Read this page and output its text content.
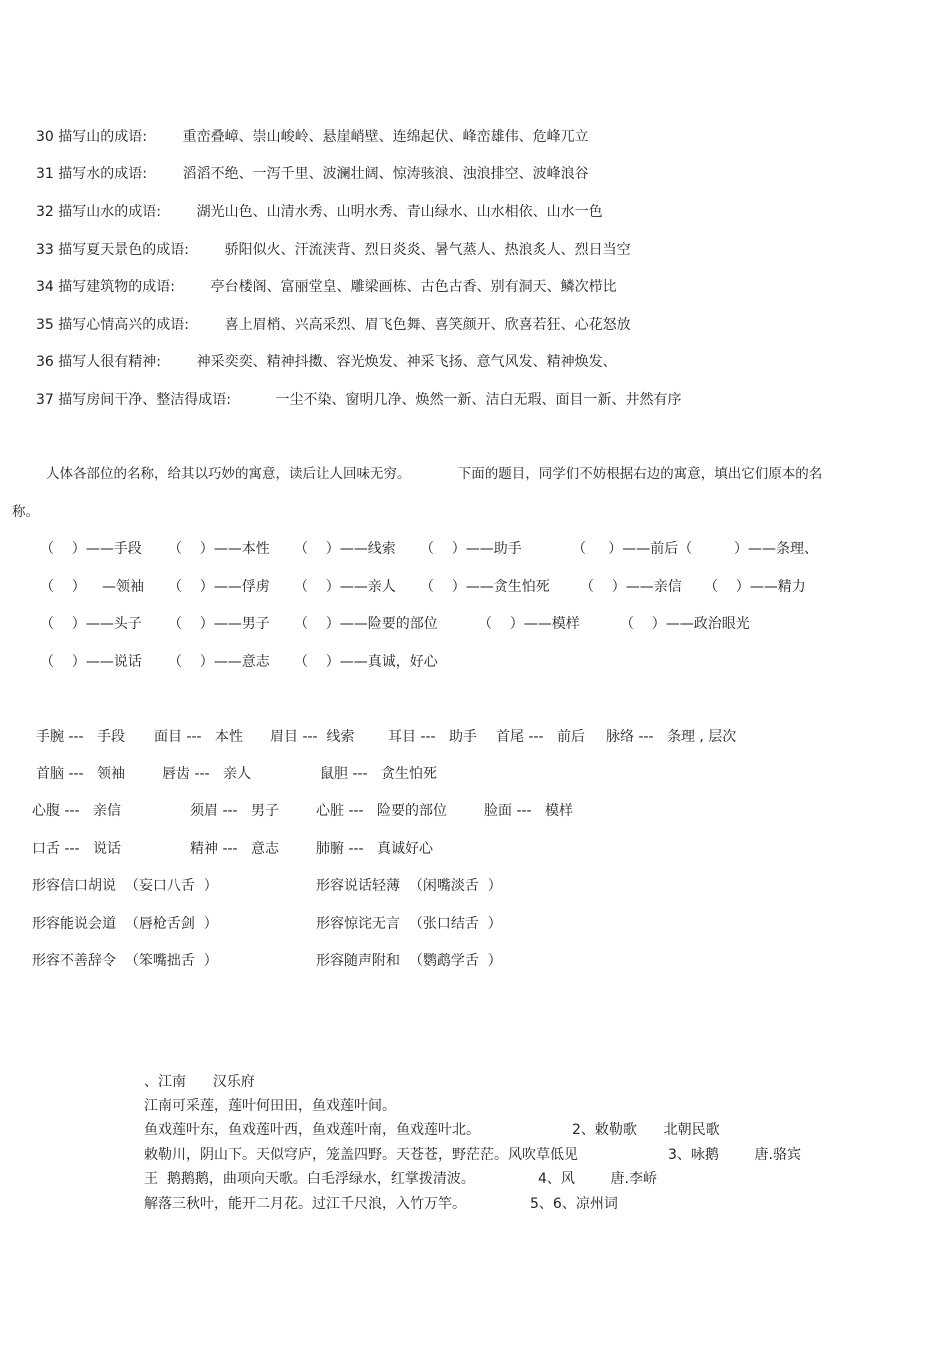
30 描写山的成语:        重峦叠嶂、崇山峻岭、悬崖峭壁、连绵起伏、峰峦雄伟、危峰兀立
31 描写水的成语:        滔滔不绝、一泻千里、波澜壮阔、惊涛骇浪、浊浪排空、波峰浪谷
32 描写山水的成语:        湖光山色、山清水秀、山明水秀、青山绿水、山水相依、山水一色
33 描写夏天景色的成语:        骄阳似火、汗流浃背、烈日炎炎、暑气蒸人、热浪炙人、烈日当空
34 描写建筑物的成语:        亭台楼阁、富丽堂皇、雕梁画栋、古色古香、别有洞天、鳞次栉比
35 描写心情高兴的成语:        喜上眉梢、兴高采烈、眉飞色舞、喜笑颜开、欣喜若狂、心花怒放
36 描写人很有精神:        神采奕奕、精神抖擞、容光焕发、神采飞扬、意气风发、精神焕发、
37 描写房间干净、整洁得成语:          一尘不染、窗明几净、焕然一新、洁白无瑕、面目一新、井然有序
人体各部位的名称，给其以巧妙的寓意，读后让人回味无穷。           下面的题目，同学们不妨根据右边的寓意，填出它们原本的名
称。
（    ）——手段 （    ）——本性 （    ）——线索 （    ）——助手	（     ）——前后（	）——条理、
（    ） —领袖 （    ）——俘虏 （    ）——亲人 （    ）——贪生怕死 （    ）——亲信 （    ）——精力
（    ）——头子 （    ）——男子 （    ）——险要的部位	（    ）——模样	（    ）——政治眼光
（    ）——说话 （    ）——意志 （    ）——真诚，好心
手腕 ---   手段 面目 ---   本性 眉目 ---  线索 耳目 ---   助手 首尾 ---   前后 脉络 ---   条理 , 层次
首脑 ---   领袖	唇齿 ---   亲人	鼠胆 ---   贪生怕死
心腹 ---   亲信	须眉 ---   男子	心脏 ---   险要的部位	脸面 ---   模样
口舌 ---   说话	精神 ---   意志	肺腑 ---   真诚好心
形容信口胡说  （妄口八舌  ）	形容说话轻薄  （闲嘴淡舌  ）
形容能说会道  （唇枪舌剑  ）	形容惊诧无言  （张口结舌  ）
形容不善辞令  （笨嘴拙舌  ）	形容随声附和  （鹦鹉学舌  ）
、江南      汉乐府
江南可采莲，莲叶何田田，鱼戏莲叶间。
鱼戏莲叶东，鱼戏莲叶西，鱼戏莲叶南，鱼戏莲叶北。	2、敕勒歌      北朝民歌
敕勒川，阴山下。天似穹庐，笼盖四野。天苍苍，野茫茫。风吹草低见	3、咏鹅        唐.骆宾
王  鹅鹅鹅，曲项向天歌。白毛浮绿水，红掌拨清波。	4、风        唐.李峤
解落三秋叶，能开二月花。过江千尺浪，入竹万竿。	5、6、凉州词
